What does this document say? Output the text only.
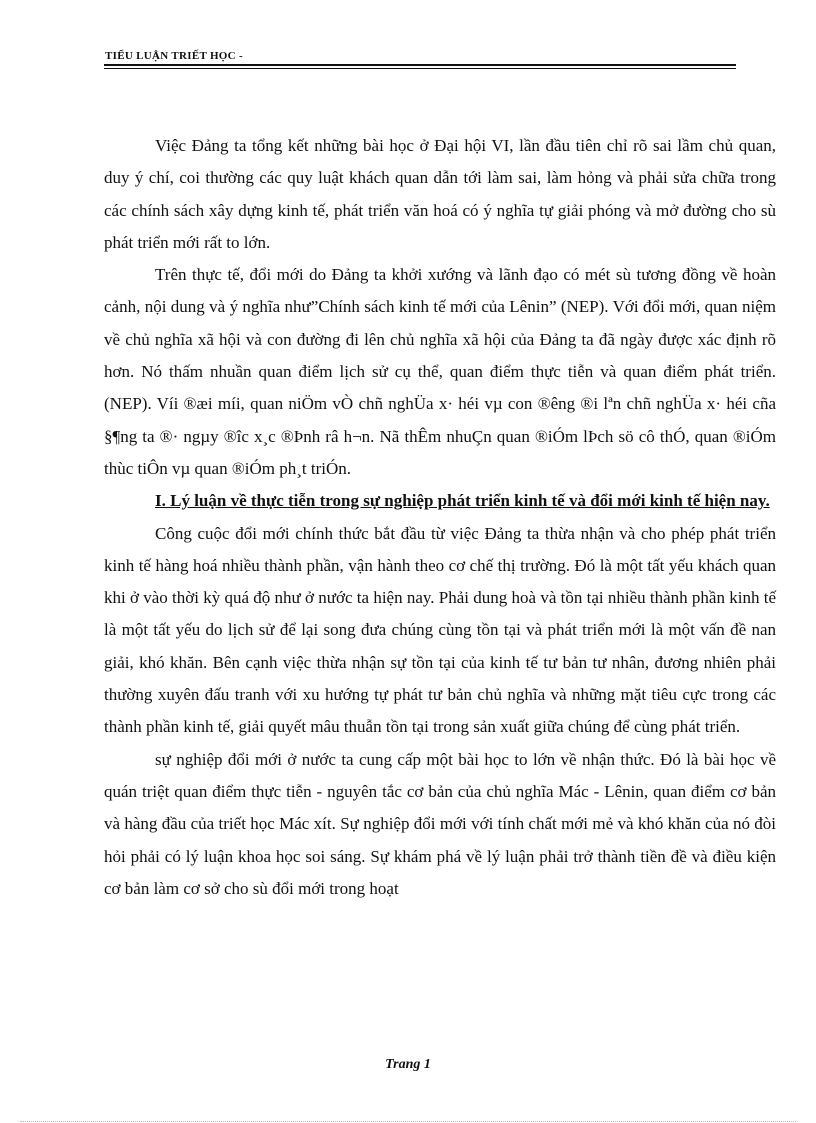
TIỂU LUẬN TRIẾT HỌC -

Việc Đảng ta tổng kết những bài học ở Đại hội VI, lần đầu tiên chỉ rõ sai lầm chủ quan, duy ý chí, coi thường các quy luật khách quan dẫn tới làm sai, làm hỏng và phải sửa chữa trong các chính sách xây dựng kinh tế, phát triển văn hoá có ý nghĩa tự giải phóng và mở đường cho sù phát triển mới rất to lớn.

Trên thực tế, đổi mới do Đảng ta khởi xướng và lãnh đạo có mét sù tương đồng về hoàn cảnh, nội dung và ý nghĩa như”Chính sách kinh tế mới của Lênin” (NEP). Với đổi mới, quan niệm về chủ nghĩa xã hội và con đường đi lên chủ nghĩa xã hội của Đảng ta đã ngày được xác định rõ hơn. Nó thấm nhuần quan điểm lịch sử cụ thể, quan điểm thực tiễn và quan điểm phát triển. (NEP). Víi ®æi míi, quan niÖm vÒ chñ nghÜa x· héi vµ con ®êng ®i lªn chñ nghÜa x· héi cña §¶ng ta ®· ngµy ®îc x¸c ®Þnh râ h¬n. Nã thÊm nhuÇn quan ®iÓm lÞch sö cô thÓ, quan ®iÓm thùc tiÔn vµ quan ®iÓm ph¸t triÓn.

I. Lý luận về thực tiễn trong sự nghiệp phát triển kinh tế và đổi mới kinh tế hiện nay.

Công cuộc đổi mới chính thức bắt đầu từ việc Đảng ta thừa nhận và cho phép phát triển kinh tế hàng hoá nhiều thành phần, vận hành theo cơ chế thị trường. Đó là một tất yếu khách quan khi ở vào thời kỳ quá độ như ở nước ta hiện nay. Phải dung hoà và tồn tại nhiều thành phần kinh tế là một tất yếu do lịch sử để lại song đưa chúng cùng tồn tại và phát triển mới là một vấn đề nan giải, khó khăn. Bên cạnh việc thừa nhận sự tồn tại của kinh tế tư bản tư nhân, đương nhiên phải thường xuyên đấu tranh với xu hướng tự phát tư bản chủ nghĩa và những mặt tiêu cực trong các thành phần kinh tế, giải quyết mâu thuẫn tồn tại trong sản xuất giữa chúng để cùng phát triển.

sự nghiệp đổi mới ở nước ta cung cấp một bài học to lớn về nhận thức. Đó là bài học về quán triệt quan điểm thực tiễn - nguyên tắc cơ bản của chủ nghĩa Mác - Lênin, quan điểm cơ bản và hàng đầu của triết học Mác xít. Sự nghiệp đổi mới với tính chất mới mẻ và khó khăn của nó đòi hỏi phải có lý luận khoa học soi sáng. Sự khám phá về lý luận phải trở thành tiền đề và điều kiện cơ bản làm cơ sở cho sù đổi mới trong hoạt

Trang 1
